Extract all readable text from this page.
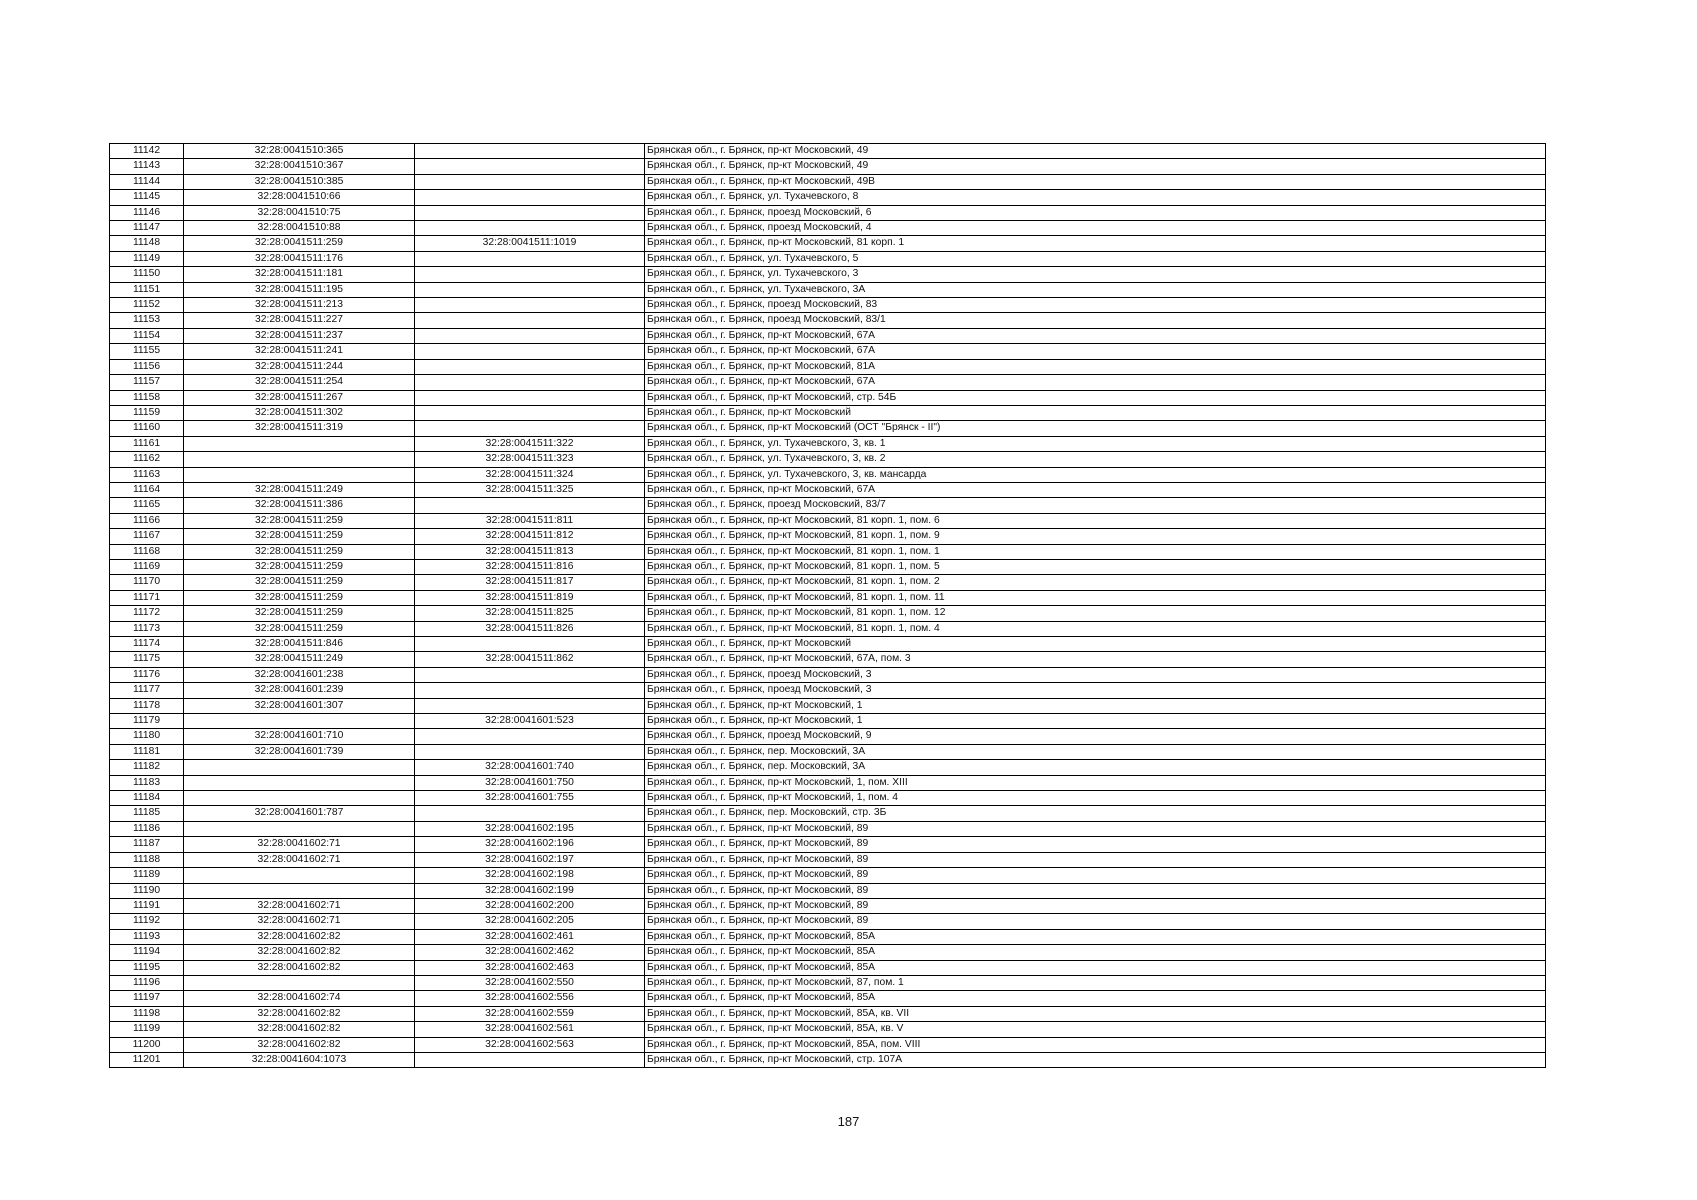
11142	32:28:0041510:365		Брянская обл., г. Брянск, пр-кт Московский, 49
11143	32:28:0041510:367		Брянская обл., г. Брянск, пр-кт Московский, 49
11144	32:28:0041510:385		Брянская обл., г. Брянск, пр-кт Московский, 49В
11145	32:28:0041510:66		Брянская обл., г. Брянск, ул. Тухачевского, 8
11146	32:28:0041510:75		Брянская обл., г. Брянск, проезд Московский, 6
11147	32:28:0041510:88		Брянская обл., г. Брянск, проезд Московский, 4
11148	32:28:0041511:259	32:28:0041511:1019	Брянская обл., г. Брянск, пр-кт Московский, 81 корп. 1
11149	32:28:0041511:176		Брянская обл., г. Брянск, ул. Тухачевского, 5
11150	32:28:0041511:181		Брянская обл., г. Брянск, ул. Тухачевского, 3
11151	32:28:0041511:195		Брянская обл., г. Брянск, ул. Тухачевского, 3А
11152	32:28:0041511:213		Брянская обл., г. Брянск, проезд Московский, 83
11153	32:28:0041511:227		Брянская обл., г. Брянск, проезд Московский, 83/1
11154	32:28:0041511:237		Брянская обл., г. Брянск, пр-кт Московский, 67А
11155	32:28:0041511:241		Брянская обл., г. Брянск, пр-кт Московский, 67А
11156	32:28:0041511:244		Брянская обл., г. Брянск, пр-кт Московский, 81А
11157	32:28:0041511:254		Брянская обл., г. Брянск, пр-кт Московский, 67А
11158	32:28:0041511:267		Брянская обл., г. Брянск, пр-кт Московский, стр. 54Б
11159	32:28:0041511:302		Брянская обл., г. Брянск, пр-кт Московский
11160	32:28:0041511:319		Брянская обл., г. Брянск, пр-кт Московский (ОСТ "Брянск - II")
11161		32:28:0041511:322	Брянская обл., г. Брянск, ул. Тухачевского, 3, кв. 1
11162		32:28:0041511:323	Брянская обл., г. Брянск, ул. Тухачевского, 3, кв. 2
11163		32:28:0041511:324	Брянская обл., г. Брянск, ул. Тухачевского, 3, кв. мансарда
11164	32:28:0041511:249	32:28:0041511:325	Брянская обл., г. Брянск, пр-кт Московский, 67А
11165	32:28:0041511:386		Брянская обл., г. Брянск, проезд Московский, 83/7
11166	32:28:0041511:259	32:28:0041511:811	Брянская обл., г. Брянск, пр-кт Московский, 81 корп. 1, пом. 6
11167	32:28:0041511:259	32:28:0041511:812	Брянская обл., г. Брянск, пр-кт Московский, 81 корп. 1, пом. 9
11168	32:28:0041511:259	32:28:0041511:813	Брянская обл., г. Брянск, пр-кт Московский, 81 корп. 1, пом. 1
11169	32:28:0041511:259	32:28:0041511:816	Брянская обл., г. Брянск, пр-кт Московский, 81 корп. 1, пом. 5
11170	32:28:0041511:259	32:28:0041511:817	Брянская обл., г. Брянск, пр-кт Московский, 81 корп. 1, пом. 2
11171	32:28:0041511:259	32:28:0041511:819	Брянская обл., г. Брянск, пр-кт Московский, 81 корп. 1, пом. 11
11172	32:28:0041511:259	32:28:0041511:825	Брянская обл., г. Брянск, пр-кт Московский, 81 корп. 1, пом. 12
11173	32:28:0041511:259	32:28:0041511:826	Брянская обл., г. Брянск, пр-кт Московский, 81 корп. 1, пом. 4
11174	32:28:0041511:846		Брянская обл., г. Брянск, пр-кт Московский
11175	32:28:0041511:249	32:28:0041511:862	Брянская обл., г. Брянск, пр-кт Московский, 67А, пом. 3
11176	32:28:0041601:238		Брянская обл., г. Брянск, проезд Московский, 3
11177	32:28:0041601:239		Брянская обл., г. Брянск, проезд Московский, 3
11178	32:28:0041601:307		Брянская обл., г. Брянск, пр-кт Московский, 1
11179		32:28:0041601:523	Брянская обл., г. Брянск, пр-кт Московский, 1
11180	32:28:0041601:710		Брянская обл., г. Брянск, проезд Московский, 9
11181	32:28:0041601:739		Брянская обл., г. Брянск, пер. Московский, 3А
11182		32:28:0041601:740	Брянская обл., г. Брянск, пер. Московский, 3А
11183		32:28:0041601:750	Брянская обл., г. Брянск, пр-кт Московский, 1, пом. XIII
11184		32:28:0041601:755	Брянская обл., г. Брянск, пр-кт Московский, 1, пом. 4
11185	32:28:0041601:787		Брянская обл., г. Брянск, пер. Московский, стр. 3Б
11186		32:28:0041602:195	Брянская обл., г. Брянск, пр-кт Московский, 89
11187	32:28:0041602:71	32:28:0041602:196	Брянская обл., г. Брянск, пр-кт Московский, 89
11188	32:28:0041602:71	32:28:0041602:197	Брянская обл., г. Брянск, пр-кт Московский, 89
11189		32:28:0041602:198	Брянская обл., г. Брянск, пр-кт Московский, 89
11190		32:28:0041602:199	Брянская обл., г. Брянск, пр-кт Московский, 89
11191	32:28:0041602:71	32:28:0041602:200	Брянская обл., г. Брянск, пр-кт Московский, 89
11192	32:28:0041602:71	32:28:0041602:205	Брянская обл., г. Брянск, пр-кт Московский, 89
11193	32:28:0041602:82	32:28:0041602:461	Брянская обл., г. Брянск, пр-кт Московский, 85А
11194	32:28:0041602:82	32:28:0041602:462	Брянская обл., г. Брянск, пр-кт Московский, 85А
11195	32:28:0041602:82	32:28:0041602:463	Брянская обл., г. Брянск, пр-кт Московский, 85А
11196		32:28:0041602:550	Брянская обл., г. Брянск, пр-кт Московский, 87, пом. 1
11197	32:28:0041602:74	32:28:0041602:556	Брянская обл., г. Брянск, пр-кт Московский, 85А
11198	32:28:0041602:82	32:28:0041602:559	Брянская обл., г. Брянск, пр-кт Московский, 85А, кв. VII
11199	32:28:0041602:82	32:28:0041602:561	Брянская обл., г. Брянск, пр-кт Московский, 85А, кв. V
11200	32:28:0041602:82	32:28:0041602:563	Брянская обл., г. Брянск, пр-кт Московский, 85А, пом. VIII
11201	32:28:0041604:1073		Брянская обл., г. Брянск, пр-кт Московский, стр. 107А
187
